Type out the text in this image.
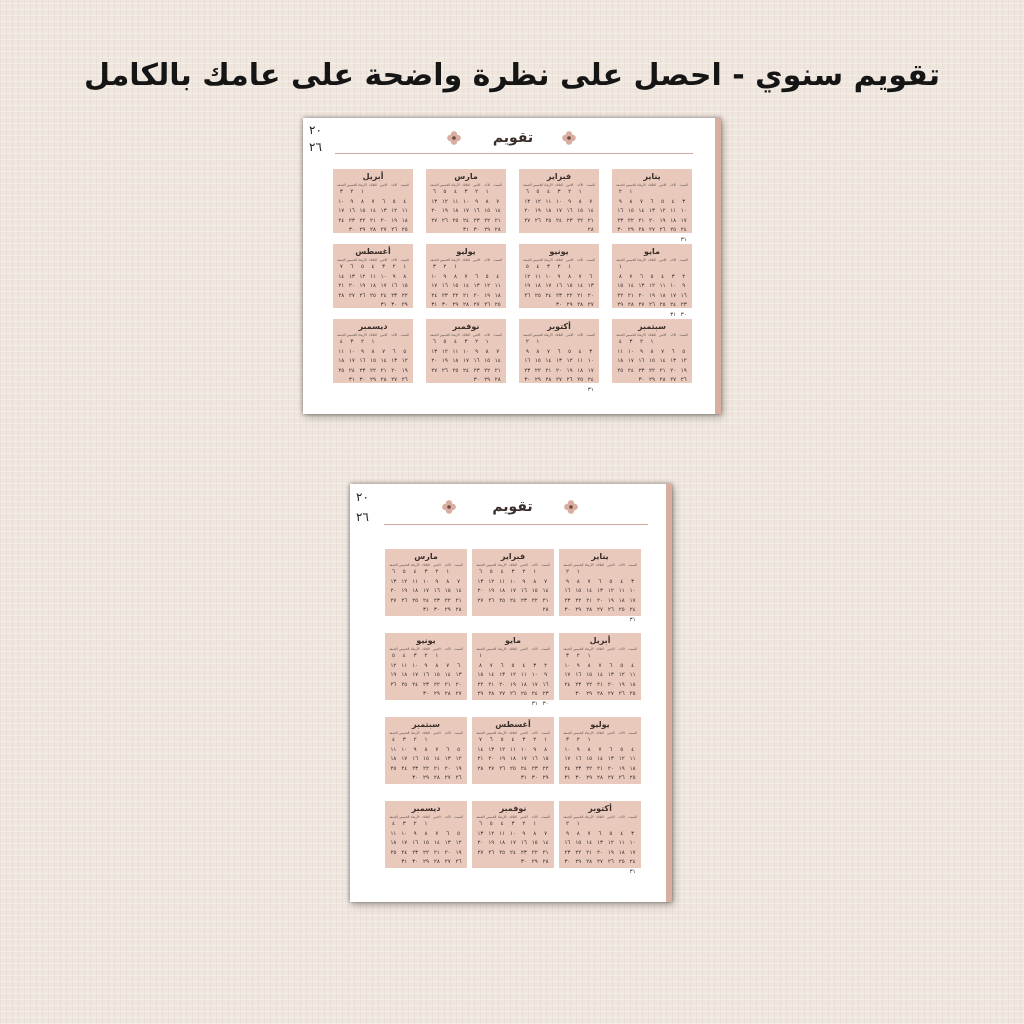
تقويم سنوي - احصل على نظرة واضحة على عامك بالكامل
٢٠
٢٦
تقويم
يناير
السبت
الأحد
الاثنين
الثلاثاء
الأربعاء
الخميس
الجمعة
١
٢
٣
٤
٥
٦
٧
٨
٩
١٠
١١
١٢
١٣
١٤
١٥
١٦
١٧
١٨
١٩
٢٠
٢١
٢٢
٢٣
٢٤
٢٥
٢٦
٢٧
٢٨
٢٩
٣٠
٣١
فبراير
السبت
الأحد
الاثنين
الثلاثاء
الأربعاء
الخميس
الجمعة
١
٢
٣
٤
٥
٦
٧
٨
٩
١٠
١١
١٢
١٣
١٤
١٥
١٦
١٧
١٨
١٩
٢٠
٢١
٢٢
٢٣
٢٤
٢٥
٢٦
٢٧
٢٨
مارس
السبت
الأحد
الاثنين
الثلاثاء
الأربعاء
الخميس
الجمعة
١
٢
٣
٤
٥
٦
٧
٨
٩
١٠
١١
١٢
١٣
١٤
١٥
١٦
١٧
١٨
١٩
٢٠
٢١
٢٢
٢٣
٢٤
٢٥
٢٦
٢٧
٢٨
٢٩
٣٠
٣١
أبريل
السبت
الأحد
الاثنين
الثلاثاء
الأربعاء
الخميس
الجمعة
١
٢
٣
٤
٥
٦
٧
٨
٩
١٠
١١
١٢
١٣
١٤
١٥
١٦
١٧
١٨
١٩
٢٠
٢١
٢٢
٢٣
٢٤
٢٥
٢٦
٢٧
٢٨
٢٩
٣٠
مايو
السبت
الأحد
الاثنين
الثلاثاء
الأربعاء
الخميس
الجمعة
١
٢
٣
٤
٥
٦
٧
٨
٩
١٠
١١
١٢
١٣
١٤
١٥
١٦
١٧
١٨
١٩
٢٠
٢١
٢٢
٢٣
٢٤
٢٥
٢٦
٢٧
٢٨
٢٩
٣٠
٣١
يونيو
السبت
الأحد
الاثنين
الثلاثاء
الأربعاء
الخميس
الجمعة
١
٢
٣
٤
٥
٦
٧
٨
٩
١٠
١١
١٢
١٣
١٤
١٥
١٦
١٧
١٨
١٩
٢٠
٢١
٢٢
٢٣
٢٤
٢٥
٢٦
٢٧
٢٨
٢٩
٣٠
يوليو
السبت
الأحد
الاثنين
الثلاثاء
الأربعاء
الخميس
الجمعة
١
٢
٣
٤
٥
٦
٧
٨
٩
١٠
١١
١٢
١٣
١٤
١٥
١٦
١٧
١٨
١٩
٢٠
٢١
٢٢
٢٣
٢٤
٢٥
٢٦
٢٧
٢٨
٢٩
٣٠
٣١
أغسطس
السبت
الأحد
الاثنين
الثلاثاء
الأربعاء
الخميس
الجمعة
١
٢
٣
٤
٥
٦
٧
٨
٩
١٠
١١
١٢
١٣
١٤
١٥
١٦
١٧
١٨
١٩
٢٠
٢١
٢٢
٢٣
٢٤
٢٥
٢٦
٢٧
٢٨
٢٩
٣٠
٣١
سبتمبر
السبت
الأحد
الاثنين
الثلاثاء
الأربعاء
الخميس
الجمعة
١
٢
٣
٤
٥
٦
٧
٨
٩
١٠
١١
١٢
١٣
١٤
١٥
١٦
١٧
١٨
١٩
٢٠
٢١
٢٢
٢٣
٢٤
٢٥
٢٦
٢٧
٢٨
٢٩
٣٠
أكتوبر
السبت
الأحد
الاثنين
الثلاثاء
الأربعاء
الخميس
الجمعة
١
٢
٣
٤
٥
٦
٧
٨
٩
١٠
١١
١٢
١٣
١٤
١٥
١٦
١٧
١٨
١٩
٢٠
٢١
٢٢
٢٣
٢٤
٢٥
٢٦
٢٧
٢٨
٢٩
٣٠
٣١
نوفمبر
السبت
الأحد
الاثنين
الثلاثاء
الأربعاء
الخميس
الجمعة
١
٢
٣
٤
٥
٦
٧
٨
٩
١٠
١١
١٢
١٣
١٤
١٥
١٦
١٧
١٨
١٩
٢٠
٢١
٢٢
٢٣
٢٤
٢٥
٢٦
٢٧
٢٨
٢٩
٣٠
ديسمبر
السبت
الأحد
الاثنين
الثلاثاء
الأربعاء
الخميس
الجمعة
١
٢
٣
٤
٥
٦
٧
٨
٩
١٠
١١
١٢
١٣
١٤
١٥
١٦
١٧
١٨
١٩
٢٠
٢١
٢٢
٢٣
٢٤
٢٥
٢٦
٢٧
٢٨
٢٩
٣٠
٣١
٢٠
٢٦
تقويم
يناير
السبت
الأحد
الاثنين
الثلاثاء
الأربعاء
الخميس
الجمعة
١
٢
٣
٤
٥
٦
٧
٨
٩
١٠
١١
١٢
١٣
١٤
١٥
١٦
١٧
١٨
١٩
٢٠
٢١
٢٢
٢٣
٢٤
٢٥
٢٦
٢٧
٢٨
٢٩
٣٠
٣١
فبراير
السبت
الأحد
الاثنين
الثلاثاء
الأربعاء
الخميس
الجمعة
١
٢
٣
٤
٥
٦
٧
٨
٩
١٠
١١
١٢
١٣
١٤
١٥
١٦
١٧
١٨
١٩
٢٠
٢١
٢٢
٢٣
٢٤
٢٥
٢٦
٢٧
٢٨
مارس
السبت
الأحد
الاثنين
الثلاثاء
الأربعاء
الخميس
الجمعة
١
٢
٣
٤
٥
٦
٧
٨
٩
١٠
١١
١٢
١٣
١٤
١٥
١٦
١٧
١٨
١٩
٢٠
٢١
٢٢
٢٣
٢٤
٢٥
٢٦
٢٧
٢٨
٢٩
٣٠
٣١
أبريل
السبت
الأحد
الاثنين
الثلاثاء
الأربعاء
الخميس
الجمعة
١
٢
٣
٤
٥
٦
٧
٨
٩
١٠
١١
١٢
١٣
١٤
١٥
١٦
١٧
١٨
١٩
٢٠
٢١
٢٢
٢٣
٢٤
٢٥
٢٦
٢٧
٢٨
٢٩
٣٠
مايو
السبت
الأحد
الاثنين
الثلاثاء
الأربعاء
الخميس
الجمعة
١
٢
٣
٤
٥
٦
٧
٨
٩
١٠
١١
١٢
١٣
١٤
١٥
١٦
١٧
١٨
١٩
٢٠
٢١
٢٢
٢٣
٢٤
٢٥
٢٦
٢٧
٢٨
٢٩
٣٠
٣١
يونيو
السبت
الأحد
الاثنين
الثلاثاء
الأربعاء
الخميس
الجمعة
١
٢
٣
٤
٥
٦
٧
٨
٩
١٠
١١
١٢
١٣
١٤
١٥
١٦
١٧
١٨
١٩
٢٠
٢١
٢٢
٢٣
٢٤
٢٥
٢٦
٢٧
٢٨
٢٩
٣٠
يوليو
السبت
الأحد
الاثنين
الثلاثاء
الأربعاء
الخميس
الجمعة
١
٢
٣
٤
٥
٦
٧
٨
٩
١٠
١١
١٢
١٣
١٤
١٥
١٦
١٧
١٨
١٩
٢٠
٢١
٢٢
٢٣
٢٤
٢٥
٢٦
٢٧
٢٨
٢٩
٣٠
٣١
أغسطس
السبت
الأحد
الاثنين
الثلاثاء
الأربعاء
الخميس
الجمعة
١
٢
٣
٤
٥
٦
٧
٨
٩
١٠
١١
١٢
١٣
١٤
١٥
١٦
١٧
١٨
١٩
٢٠
٢١
٢٢
٢٣
٢٤
٢٥
٢٦
٢٧
٢٨
٢٩
٣٠
٣١
سبتمبر
السبت
الأحد
الاثنين
الثلاثاء
الأربعاء
الخميس
الجمعة
١
٢
٣
٤
٥
٦
٧
٨
٩
١٠
١١
١٢
١٣
١٤
١٥
١٦
١٧
١٨
١٩
٢٠
٢١
٢٢
٢٣
٢٤
٢٥
٢٦
٢٧
٢٨
٢٩
٣٠
أكتوبر
السبت
الأحد
الاثنين
الثلاثاء
الأربعاء
الخميس
الجمعة
١
٢
٣
٤
٥
٦
٧
٨
٩
١٠
١١
١٢
١٣
١٤
١٥
١٦
١٧
١٨
١٩
٢٠
٢١
٢٢
٢٣
٢٤
٢٥
٢٦
٢٧
٢٨
٢٩
٣٠
٣١
نوفمبر
السبت
الأحد
الاثنين
الثلاثاء
الأربعاء
الخميس
الجمعة
١
٢
٣
٤
٥
٦
٧
٨
٩
١٠
١١
١٢
١٣
١٤
١٥
١٦
١٧
١٨
١٩
٢٠
٢١
٢٢
٢٣
٢٤
٢٥
٢٦
٢٧
٢٨
٢٩
٣٠
ديسمبر
السبت
الأحد
الاثنين
الثلاثاء
الأربعاء
الخميس
الجمعة
١
٢
٣
٤
٥
٦
٧
٨
٩
١٠
١١
١٢
١٣
١٤
١٥
١٦
١٧
١٨
١٩
٢٠
٢١
٢٢
٢٣
٢٤
٢٥
٢٦
٢٧
٢٨
٢٩
٣٠
٣١
